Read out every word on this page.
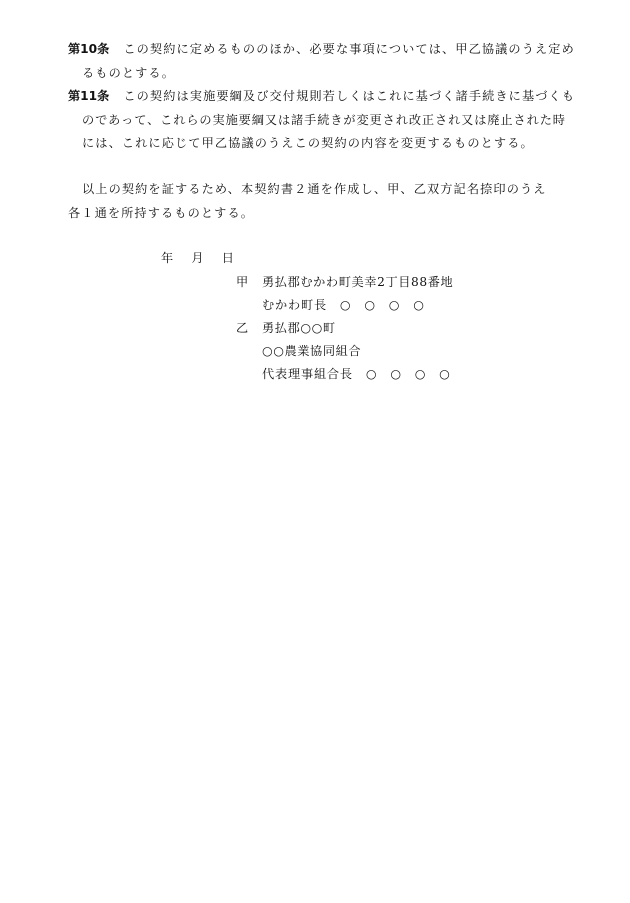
第10条 この契約に定めるもののほか、必要な事項については、甲乙協議のうえ定め
るものとする。
第11条 この契約は実施要綱及び交付規則若しくはこれに基づく諸手続きに基づくも
のであって、これらの実施要綱又は諸手続きが変更され改正され又は廃止された時
には、これに応じて甲乙協議のうえこの契約の内容を変更するものとする。
以上の契約を証するため、本契約書２通を作成し、甲、乙双方記名捺印のうえ
各１通を所持するものとする。
年　月　日
甲 勇払郡むかわ町美幸2丁目88番地
むかわ町長　○　○　○　○
乙 勇払郡○○町
○○農業協同組合
代表理事組合長　○　○　○　○
